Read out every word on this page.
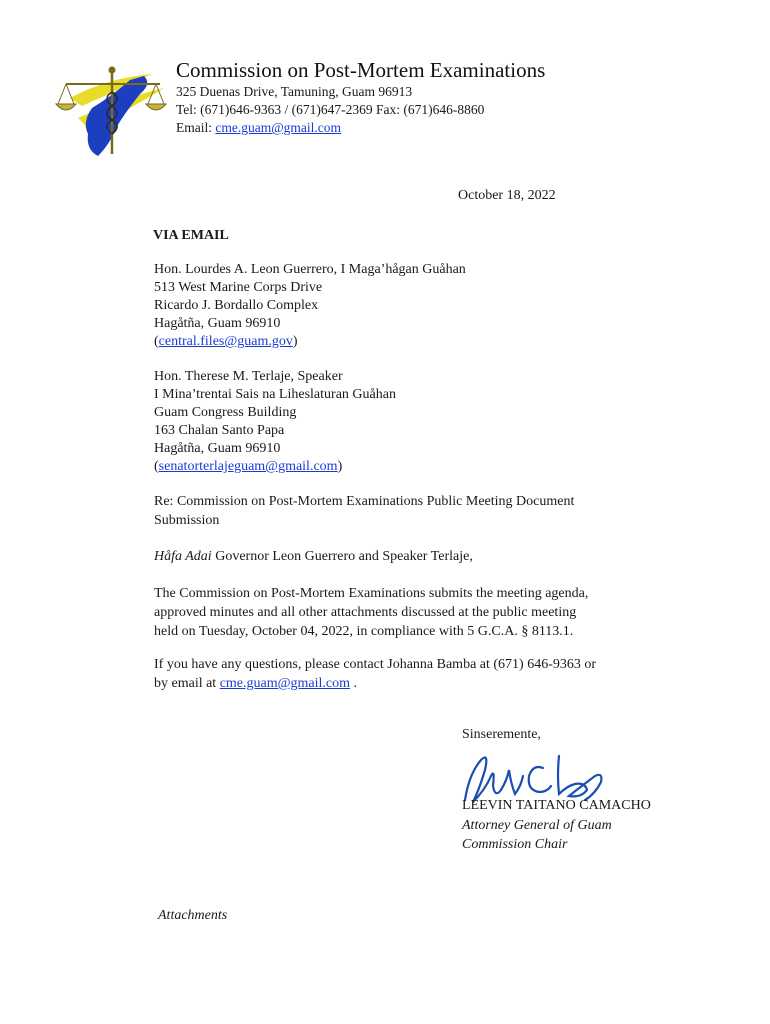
Commission on Post-Mortem Examinations
325 Duenas Drive, Tamuning, Guam 96913
Tel: (671)646-9363 / (671)647-2369 Fax: (671)646-8860
Email: cme.guam@gmail.com
October 18, 2022
VIA EMAIL
Hon. Lourdes A. Leon Guerrero, I Maga’hågan Guåhan
513 West Marine Corps Drive
Ricardo J. Bordallo Complex
Hagåtña, Guam 96910
(central.files@guam.gov)
Hon. Therese M. Terlaje, Speaker
I Mina’trentai Sais na Liheslaturan Guåhan
Guam Congress Building
163 Chalan Santo Papa
Hagåtña, Guam 96910
(senatorterlajeguam@gmail.com)
Re: Commission on Post-Mortem Examinations Public Meeting Document
Submission
Håfa Adai Governor Leon Guerrero and Speaker Terlaje,
The Commission on Post-Mortem Examinations submits the meeting agenda,
approved minutes and all other attachments discussed at the public meeting
held on Tuesday, October 04, 2022, in compliance with 5 G.C.A. § 8113.1.
If you have any questions, please contact Johanna Bamba at (671) 646-9363 or
by email at cme.guam@gmail.com .
Sinseremente,
LEEVIN TAITANO CAMACHO
Attorney General of Guam
Commission Chair
Attachments
